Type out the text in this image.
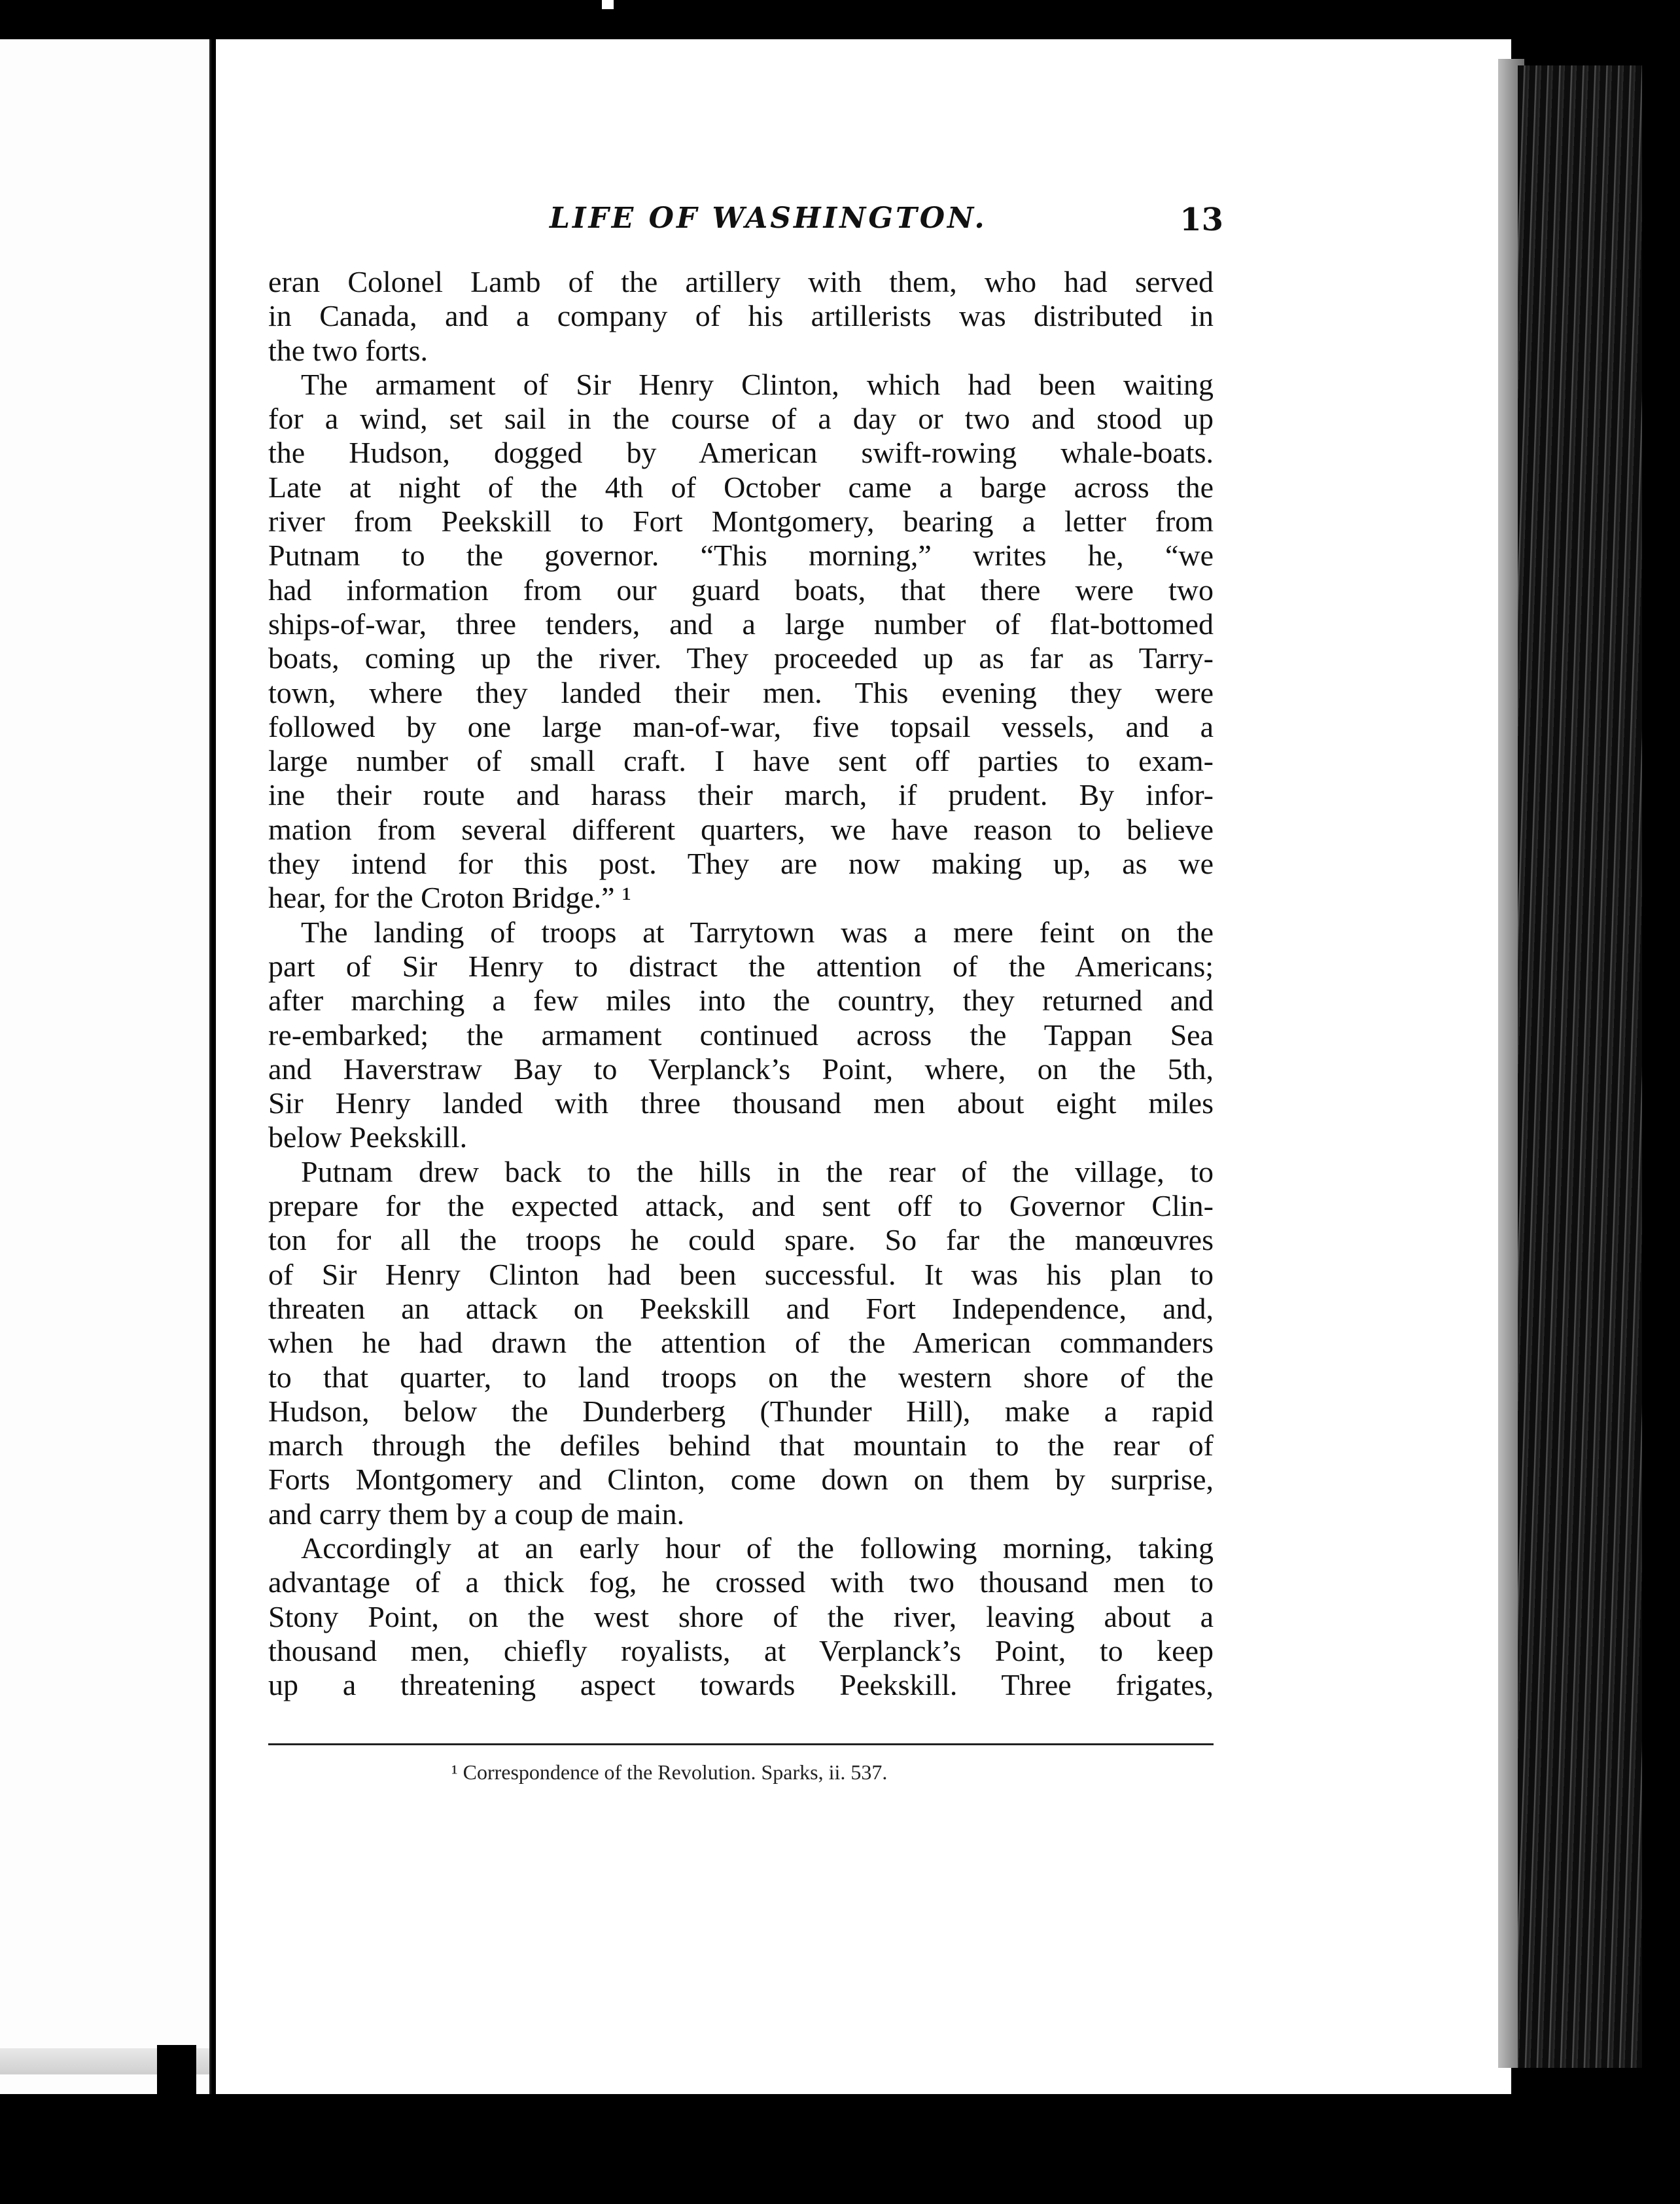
LIFE OF WASHINGTON.	13
eran Colonel Lamb of the artillery with them, who had served
in Canada, and a company of his artillerists was distributed in
the two forts.
The armament of Sir Henry Clinton, which had been waiting
for a wind, set sail in the course of a day or two and stood up
the Hudson, dogged by American swift-rowing whale-boats.
Late at night of the 4th of October came a barge across the
river from Peekskill to Fort Montgomery, bearing a letter from
Putnam to the governor. “This morning,” writes he, “we
had information from our guard boats, that there were two
ships-of-war, three tenders, and a large number of flat-bottomed
boats, coming up the river. They proceeded up as far as Tarry-
town, where they landed their men. This evening they were
followed by one large man-of-war, five topsail vessels, and a
large number of small craft. I have sent off parties to exam-
ine their route and harass their march, if prudent. By infor-
mation from several different quarters, we have reason to believe
they intend for this post. They are now making up, as we
hear, for the Croton Bridge.” ¹
The landing of troops at Tarrytown was a mere feint on the
part of Sir Henry to distract the attention of the Americans;
after marching a few miles into the country, they returned and
re-embarked; the armament continued across the Tappan Sea
and Haverstraw Bay to Verplanck’s Point, where, on the 5th,
Sir Henry landed with three thousand men about eight miles
below Peekskill.
Putnam drew back to the hills in the rear of the village, to
prepare for the expected attack, and sent off to Governor Clin-
ton for all the troops he could spare. So far the manœuvres
of Sir Henry Clinton had been successful. It was his plan to
threaten an attack on Peekskill and Fort Independence, and,
when he had drawn the attention of the American commanders
to that quarter, to land troops on the western shore of the
Hudson, below the Dunderberg (Thunder Hill), make a rapid
march through the defiles behind that mountain to the rear of
Forts Montgomery and Clinton, come down on them by surprise,
and carry them by a coup de main.
Accordingly at an early hour of the following morning, taking
advantage of a thick fog, he crossed with two thousand men to
Stony Point, on the west shore of the river, leaving about a
thousand men, chiefly royalists, at Verplanck’s Point, to keep
up a threatening aspect towards Peekskill. Three frigates,
¹ Correspondence of the Revolution. Sparks, ii. 537.
